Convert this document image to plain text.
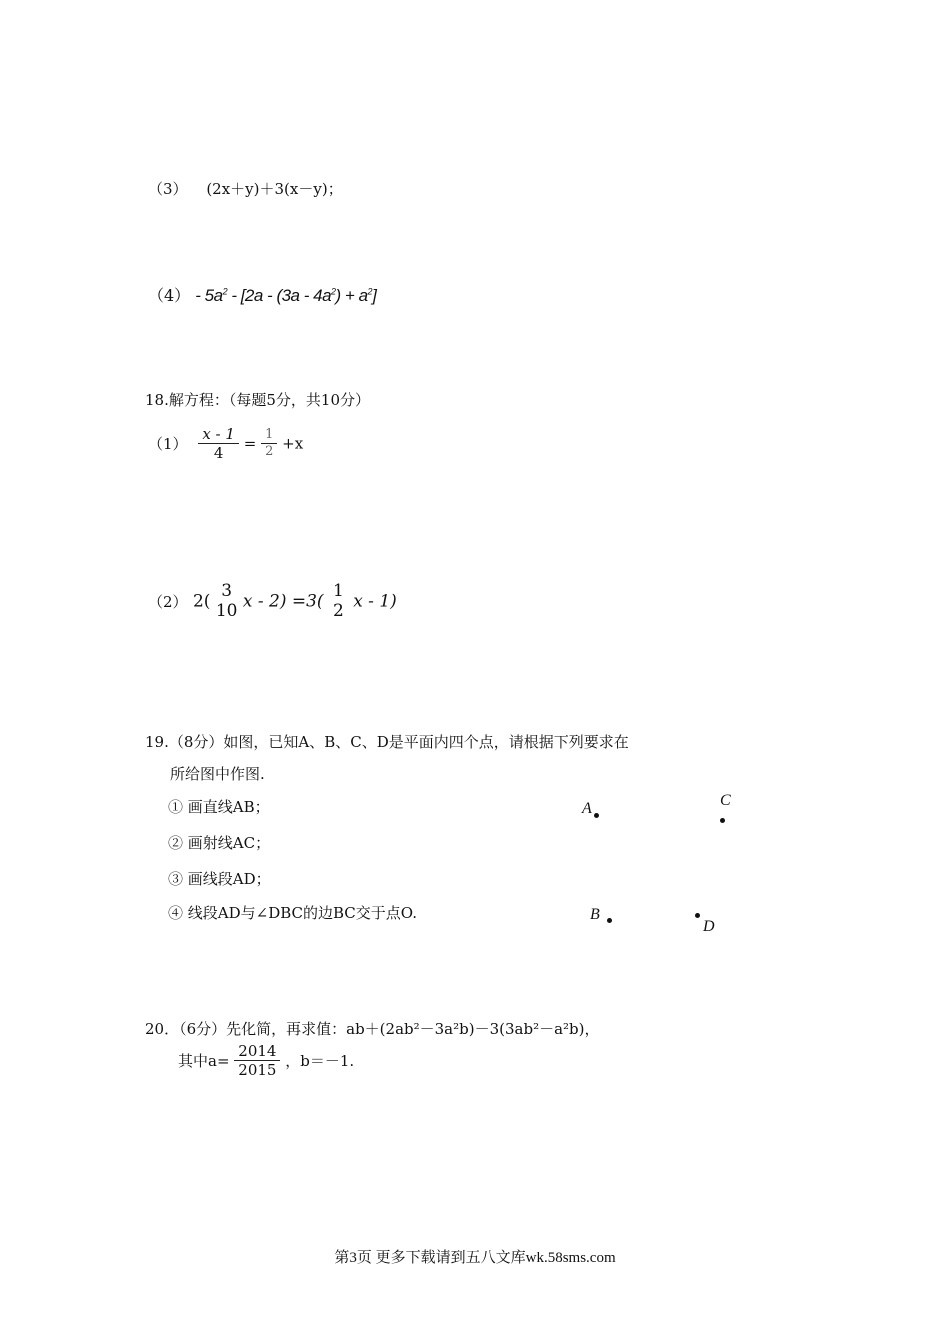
（3） (2x＋y)＋3(x－y)；
$(4) - 5a^2 - [2a - (3a - 4a^2) + a^2]$
18.解方程：（每题5分，共10分）
$(1) \frac{x - 1}{4} = \frac{1}{2} +x$
（2） 2(
3
10 x - 2) =3(
1
2 x - 1)
19.（8分）如图，已知A、B、C、D是平面内四个点，请根据下列要求在
所给图中作图.
① 画直线AB；
② 画射线AC；
③ 画线段AD；
④ 线段AD与∠DBC的边BC交于点O.
A	C
B
D
20．（6分）先化简，再求值：ab＋(2ab²－3a²b)－3(3ab²－a²b)，
其中$a= \frac{2014}{2015}$ ，b＝－1.
第3页 更多下载请到五八文库wk.58sms.com
